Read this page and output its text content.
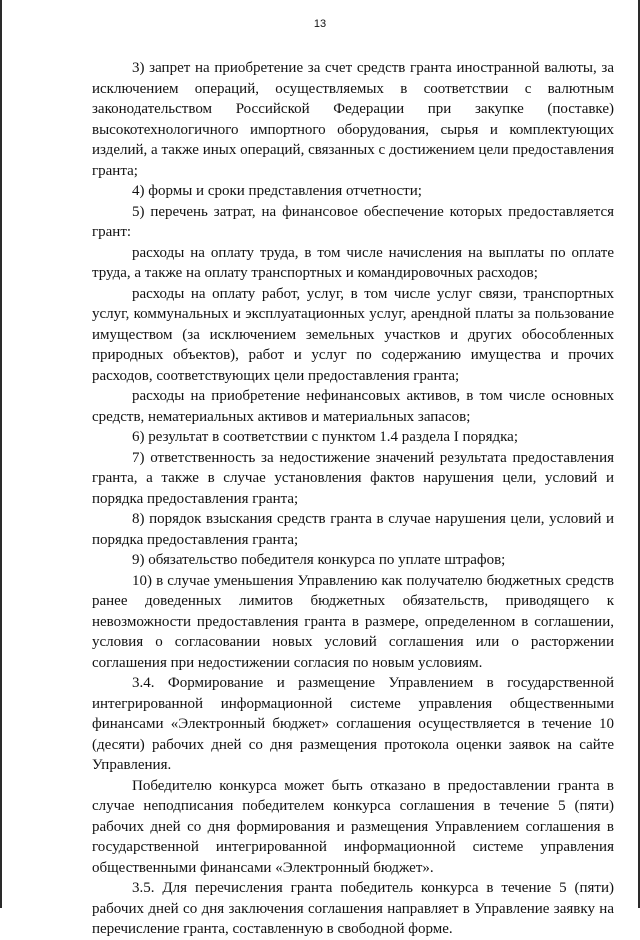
13

3) запрет на приобретение за счет средств гранта иностранной валюты, за исключением операций, осуществляемых в соответствии с валютным законодательством Российской Федерации при закупке (поставке) высокотехнологичного импортного оборудования, сырья и комплектующих изделий, а также иных операций, связанных с достижением цели предоставления гранта;

4) формы и сроки представления отчетности;

5) перечень затрат, на финансовое обеспечение которых предоставляется грант:

расходы на оплату труда, в том числе начисления на выплаты по оплате труда, а также на оплату транспортных и командировочных расходов;

расходы на оплату работ, услуг, в том числе услуг связи, транспортных услуг, коммунальных и эксплуатационных услуг, арендной платы за пользование имуществом (за исключением земельных участков и других обособленных природных объектов), работ и услуг по содержанию имущества и прочих расходов, соответствующих цели предоставления гранта;

расходы на приобретение нефинансовых активов, в том числе основных средств, нематериальных активов и материальных запасов;

6) результат в соответствии с пунктом 1.4 раздела I порядка;

7) ответственность за недостижение значений результата предоставления гранта, а также в случае установления фактов нарушения цели, условий и порядка предоставления гранта;

8) порядок взыскания средств гранта в случае нарушения цели, условий и порядка предоставления гранта;

9) обязательство победителя конкурса по уплате штрафов;

10) в случае уменьшения Управлению как получателю бюджетных средств ранее доведенных лимитов бюджетных обязательств, приводящего к невозможности предоставления гранта в размере, определенном в соглашении, условия о согласовании новых условий соглашения или о расторжении соглашения при недостижении согласия по новым условиям.

3.4. Формирование и размещение Управлением в государственной интегрированной информационной системе управления общественными финансами «Электронный бюджет» соглашения осуществляется в течение 10 (десяти) рабочих дней со дня размещения протокола оценки заявок на сайте Управления.

Победителю конкурса может быть отказано в предоставлении гранта в случае неподписания победителем конкурса соглашения в течение 5 (пяти) рабочих дней со дня формирования и размещения Управлением соглашения в государственной интегрированной информационной системе управления общественными финансами «Электронный бюджет».

3.5. Для перечисления гранта победитель конкурса в течение 5 (пяти) рабочих дней со дня заключения соглашения направляет в Управление заявку на перечисление гранта, составленную в свободной форме.
